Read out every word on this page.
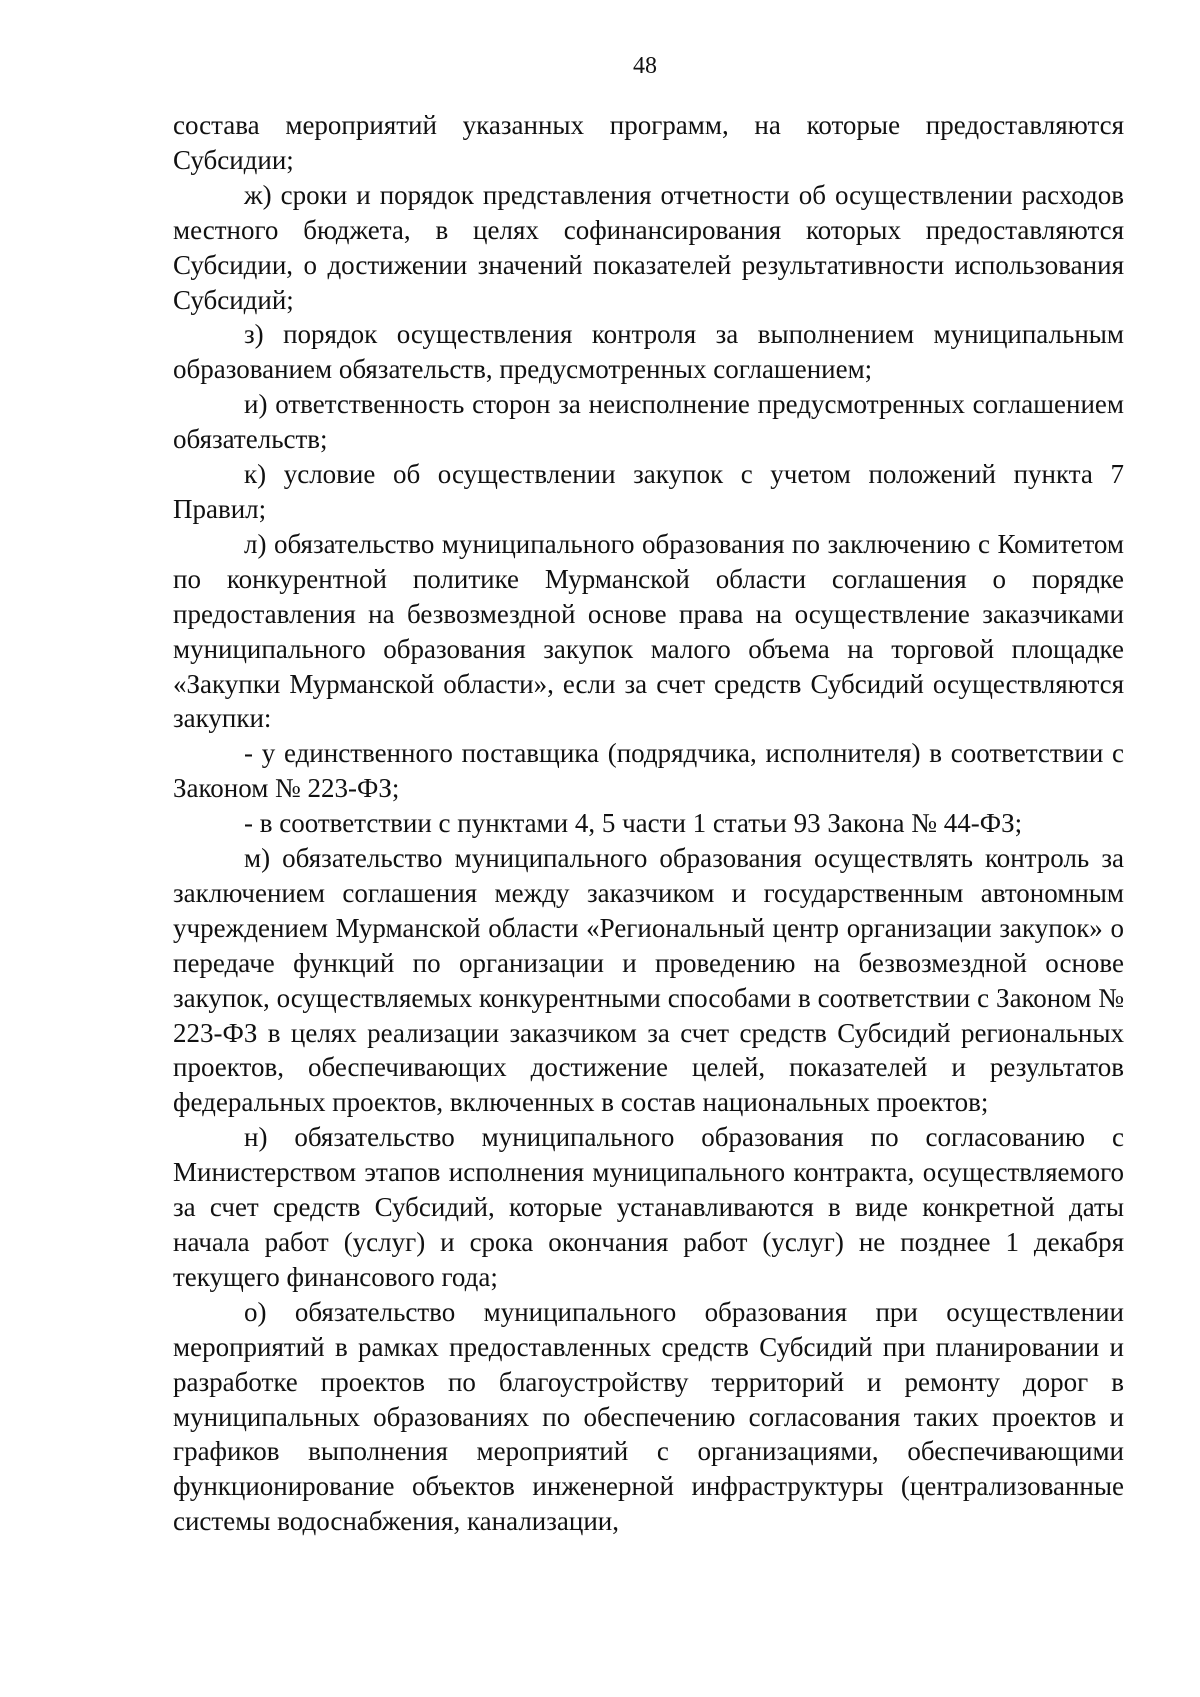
48

состава мероприятий указанных программ, на которые предоставляются Субсидии;

ж) сроки и порядок представления отчетности об осуществлении расходов местного бюджета, в целях софинансирования которых предоставляются Субсидии, о достижении значений показателей результативности использования Субсидий;

з) порядок осуществления контроля за выполнением муниципальным образованием обязательств, предусмотренных соглашением;

и) ответственность сторон за неисполнение предусмотренных соглашением обязательств;

к) условие об осуществлении закупок с учетом положений пункта 7 Правил;

л) обязательство муниципального образования по заключению с Комитетом по конкурентной политике Мурманской области соглашения о порядке предоставления на безвозмездной основе права на осуществление заказчиками муниципального образования закупок малого объема на торговой площадке «Закупки Мурманской области», если за счет средств Субсидий осуществляются закупки:

- у единственного поставщика (подрядчика, исполнителя) в соответствии с Законом № 223-ФЗ;

- в соответствии с пунктами 4, 5 части 1 статьи 93 Закона № 44-ФЗ;

м) обязательство муниципального образования осуществлять контроль за заключением соглашения между заказчиком и государственным автономным учреждением Мурманской области «Региональный центр организации закупок» о передаче функций по организации и проведению на безвозмездной основе закупок, осуществляемых конкурентными способами в соответствии с Законом № 223-ФЗ в целях реализации заказчиком за счет средств Субсидий региональных проектов, обеспечивающих достижение целей, показателей и результатов федеральных проектов, включенных в состав национальных проектов;

н) обязательство муниципального образования по согласованию с Министерством этапов исполнения муниципального контракта, осуществляемого за счет средств Субсидий, которые устанавливаются в виде конкретной даты начала работ (услуг) и срока окончания работ (услуг) не позднее 1 декабря текущего финансового года;

о) обязательство муниципального образования при осуществлении мероприятий в рамках предоставленных средств Субсидий при планировании и разработке проектов по благоустройству территорий и ремонту дорог в муниципальных образованиях по обеспечению согласования таких проектов и графиков выполнения мероприятий с организациями, обеспечивающими функционирование объектов инженерной инфраструктуры (централизованные системы водоснабжения, канализации,
